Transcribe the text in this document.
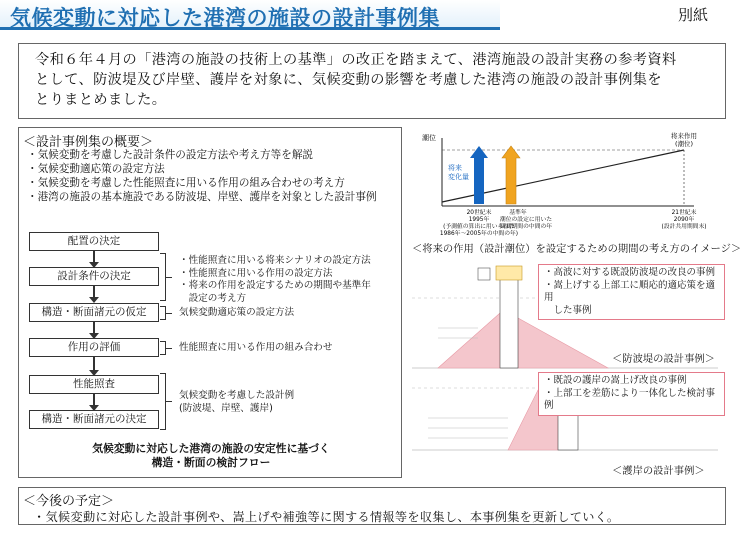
気候変動に対応した港湾の施設の設計事例集	別紙
令和６年４月の「港湾の施設の技術上の基準」の改正を踏まえて、港湾施設の設計実務の参考資料
として、防波堤及び岸壁、護岸を対象に、気候変動の影響を考慮した港湾の施設の設計事例集を
とりまとめました。
＜設計事例集の概要＞
・気候変動を考慮した設計条件の設定方法や考え方等を解説
・気候変動適応策の設定方法
・気候変動を考慮した性能照査に用いる作用の組み合わせの考え方
・港湾の施設の基本施設である防波堤、岸壁、護岸を対象とした設計事例
配置の決定
設計条件の決定
構造・断面諸元の仮定
作用の評価
性能照査
構造・断面諸元の決定
・性能照査に用いる将来シナリオの設定方法
・性能照査に用いる作用の設定方法
・将来の作用を設定するための期間や基準年
　設定の考え方
気候変動適応策の設定方法
性能照査に用いる作用の組み合わせ
気候変動を考慮した設計例
(防波堤、岸壁、護岸)
気候変動に対応した港湾の施設の安定性に基づく
構造・断面の検討フロー
潮位
将来
変化量
将来作用
(潮位)
20世紀末
1995年
(予測値の算出に用いられた
1986年～2005年の中間の年)
基準年
潮位の設定に用いた
観測期間の中間の年
21世紀末
2090年
(設計共用期間末)
＜将来の作用（設計潮位）を設定するための期間の考え方のイメージ＞
・高波に対する既設防波堤の改良の事例
・嵩上げする上部工に順応的適応策を適用
　した事例
＜防波堤の設計事例＞
・既設の護岸の嵩上げ改良の事例
・上部工を差筋により一体化した検討事例
＜護岸の設計事例＞
＜今後の予定＞
・気候変動に対応した設計事例や、嵩上げや補強等に関する情報等を収集し、本事例集を更新していく。
